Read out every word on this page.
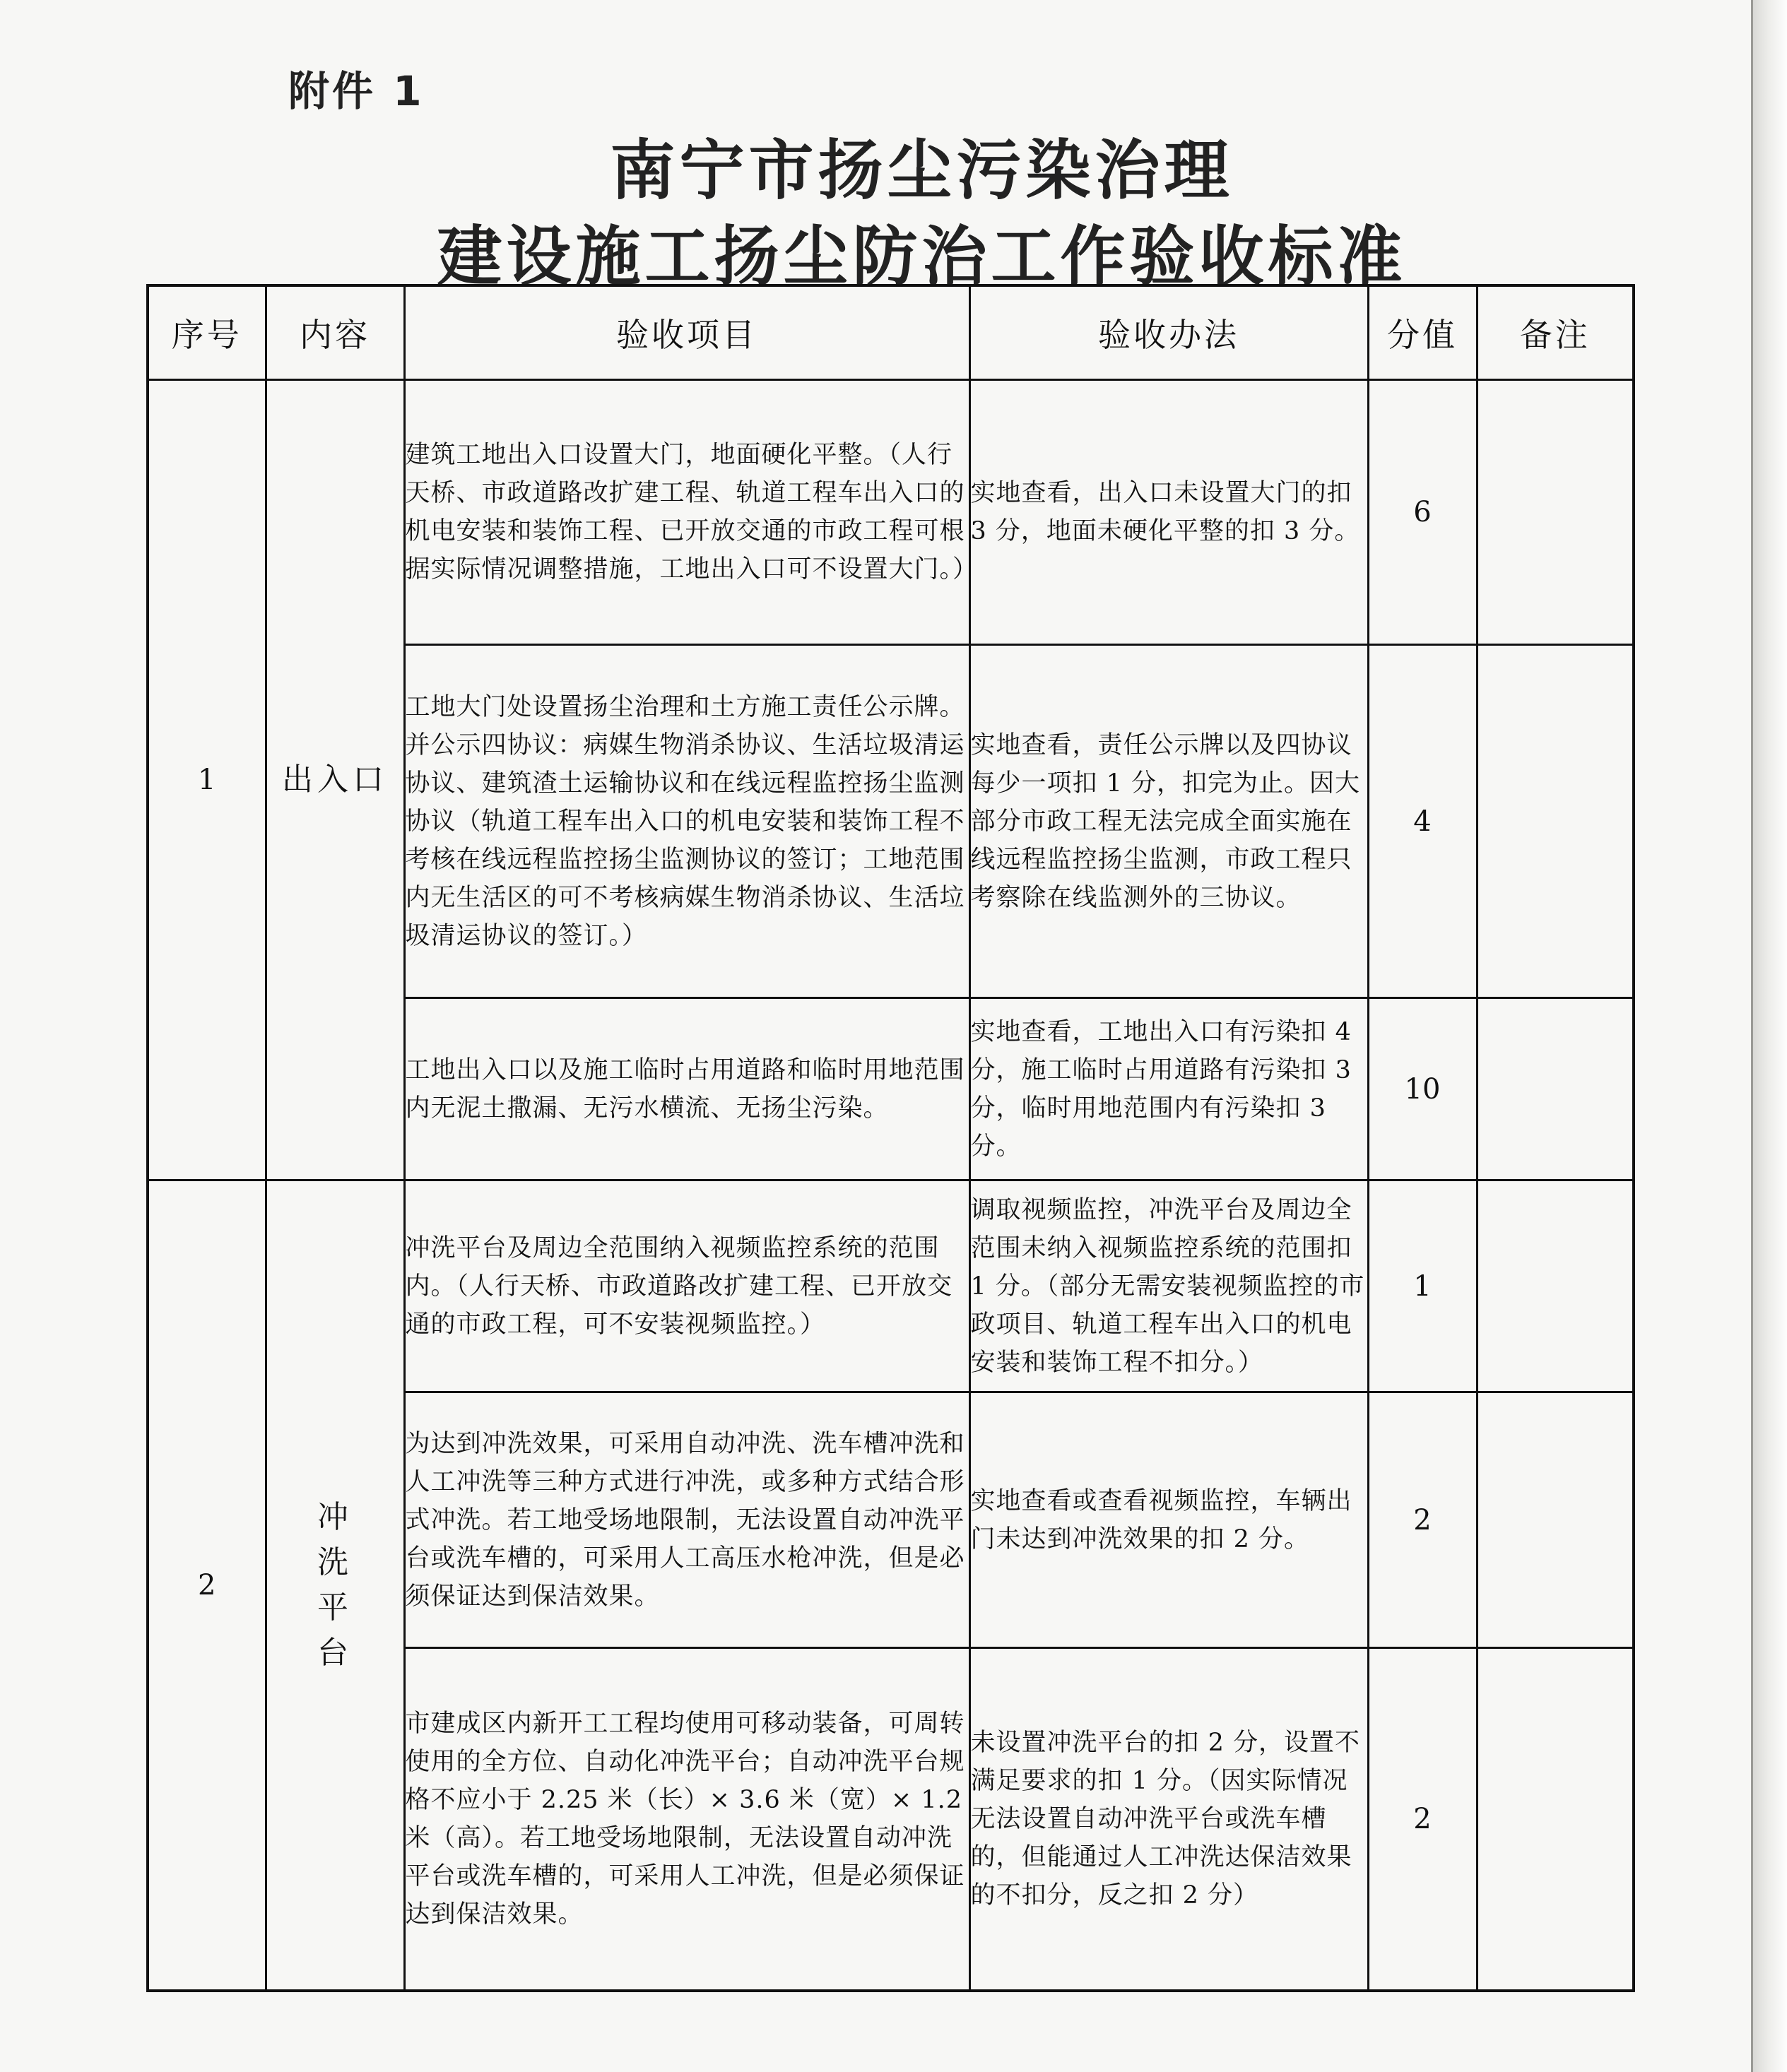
附件 1
南宁市扬尘污染治理
建设施工扬尘防治工作验收标准
序号	内容	验收项目	验收办法	分值	备注
1	出入口	建筑工地出入口设置大门，地面硬化平整。（人行天桥、市政道路改扩建工程、轨道工程车出入口的机电安装和装饰工程、已开放交通的市政工程可根据实际情况调整措施，工地出入口可不设置大门。）	实地查看，出入口未设置大门的扣 3 分，地面未硬化平整的扣 3 分。	6	
		工地大门处设置扬尘治理和土方施工责任公示牌。并公示四协议：病媒生物消杀协议、生活垃圾清运协议、建筑渣土运输协议和在线远程监控扬尘监测协议（轨道工程车出入口的机电安装和装饰工程不考核在线远程监控扬尘监测协议的签订；工地范围内无生活区的可不考核病媒生物消杀协议、生活垃圾清运协议的签订。）	实地查看，责任公示牌以及四协议每少一项扣 1 分，扣完为止。因大部分市政工程无法完成全面实施在线远程监控扬尘监测，市政工程只考察除在线监测外的三协议。	4	
		工地出入口以及施工临时占用道路和临时用地范围内无泥土撒漏、无污水横流、无扬尘污染。	实地查看，工地出入口有污染扣 4 分，施工临时占用道路有污染扣 3 分，临时用地范围内有污染扣 3 分。	10	
2	冲洗平台	冲洗平台及周边全范围纳入视频监控系统的范围内。（人行天桥、市政道路改扩建工程、已开放交通的市政工程，可不安装视频监控。）	调取视频监控，冲洗平台及周边全范围未纳入视频监控系统的范围扣 1 分。（部分无需安装视频监控的市政项目、轨道工程车出入口的机电安装和装饰工程不扣分。）	1	
		为达到冲洗效果，可采用自动冲洗、洗车槽冲洗和人工冲洗等三种方式进行冲洗，或多种方式结合形式冲洗。若工地受场地限制，无法设置自动冲洗平台或洗车槽的，可采用人工高压水枪冲洗，但是必须保证达到保洁效果。	实地查看或查看视频监控，车辆出门未达到冲洗效果的扣 2 分。	2	
		市建成区内新开工工程均使用可移动装备，可周转使用的全方位、自动化冲洗平台；自动冲洗平台规格不应小于 2.25 米（长）× 3.6 米（宽）× 1.2 米（高）。若工地受场地限制，无法设置自动冲洗平台或洗车槽的，可采用人工冲洗，但是必须保证达到保洁效果。	未设置冲洗平台的扣 2 分，设置不满足要求的扣 1 分。（因实际情况无法设置自动冲洗平台或洗车槽的，但能通过人工冲洗达保洁效果的不扣分，反之扣 2 分）	2	
